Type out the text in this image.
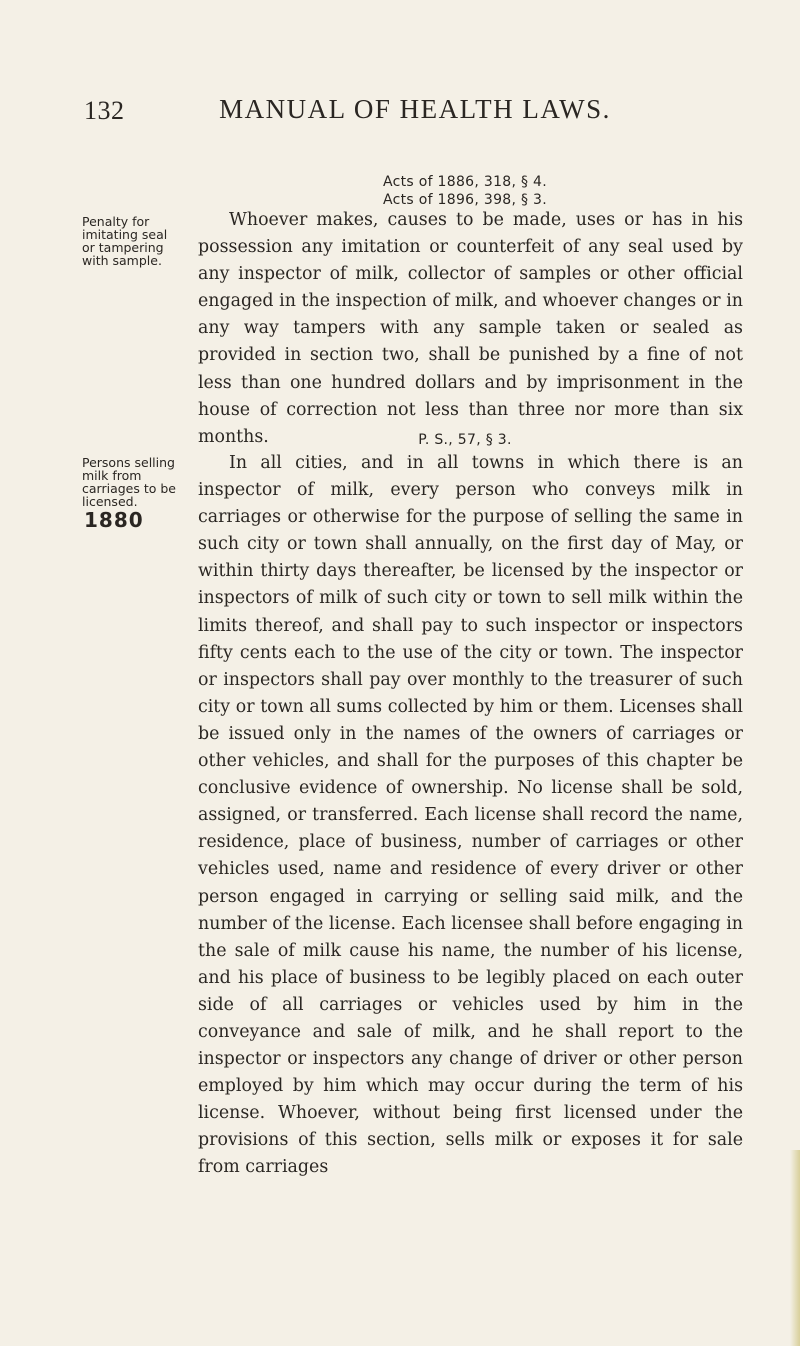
132	MANUAL OF HEALTH LAWS.
Acts of 1886, 318, § 4.
Acts of 1896, 398, § 3.
Penalty for imitating seal or tampering with sample.

Whoever makes, causes to be made, uses or has in his possession any imitation or counterfeit of any seal used by any inspector of milk, collector of samples or other official engaged in the inspection of milk, and whoever changes or in any way tampers with any sample taken or sealed as provided in section two, shall be punished by a fine of not less than one hundred dollars and by imprisonment in the house of correction not less than three nor more than six months.	P. S., 57, § 3.
Persons selling milk from carriages to be licensed.
1880

In all cities, and in all towns in which there is an inspector of milk, every person who conveys milk in carriages or otherwise for the purpose of selling the same in such city or town shall annually, on the first day of May, or within thirty days thereafter, be licensed by the inspector or inspectors of milk of such city or town to sell milk within the limits thereof, and shall pay to such inspector or inspectors fifty cents each to the use of the city or town. The inspector or inspectors shall pay over monthly to the treasurer of such city or town all sums collected by him or them. Licenses shall be issued only in the names of the owners of carriages or other vehicles, and shall for the purposes of this chapter be conclusive evidence of ownership. No license shall be sold, assigned, or transferred. Each license shall record the name, residence, place of business, number of carriages or other vehicles used, name and residence of every driver or other person engaged in carrying or selling said milk, and the number of the license. Each licensee shall before engaging in the sale of milk cause his name, the number of his license, and his place of business to be legibly placed on each outer side of all carriages or vehicles used by him in the conveyance and sale of milk, and he shall report to the inspector or inspectors any change of driver or other person employed by him which may occur during the term of his license. Whoever, without being first licensed under the provisions of this section, sells milk or exposes it for sale from carriages
